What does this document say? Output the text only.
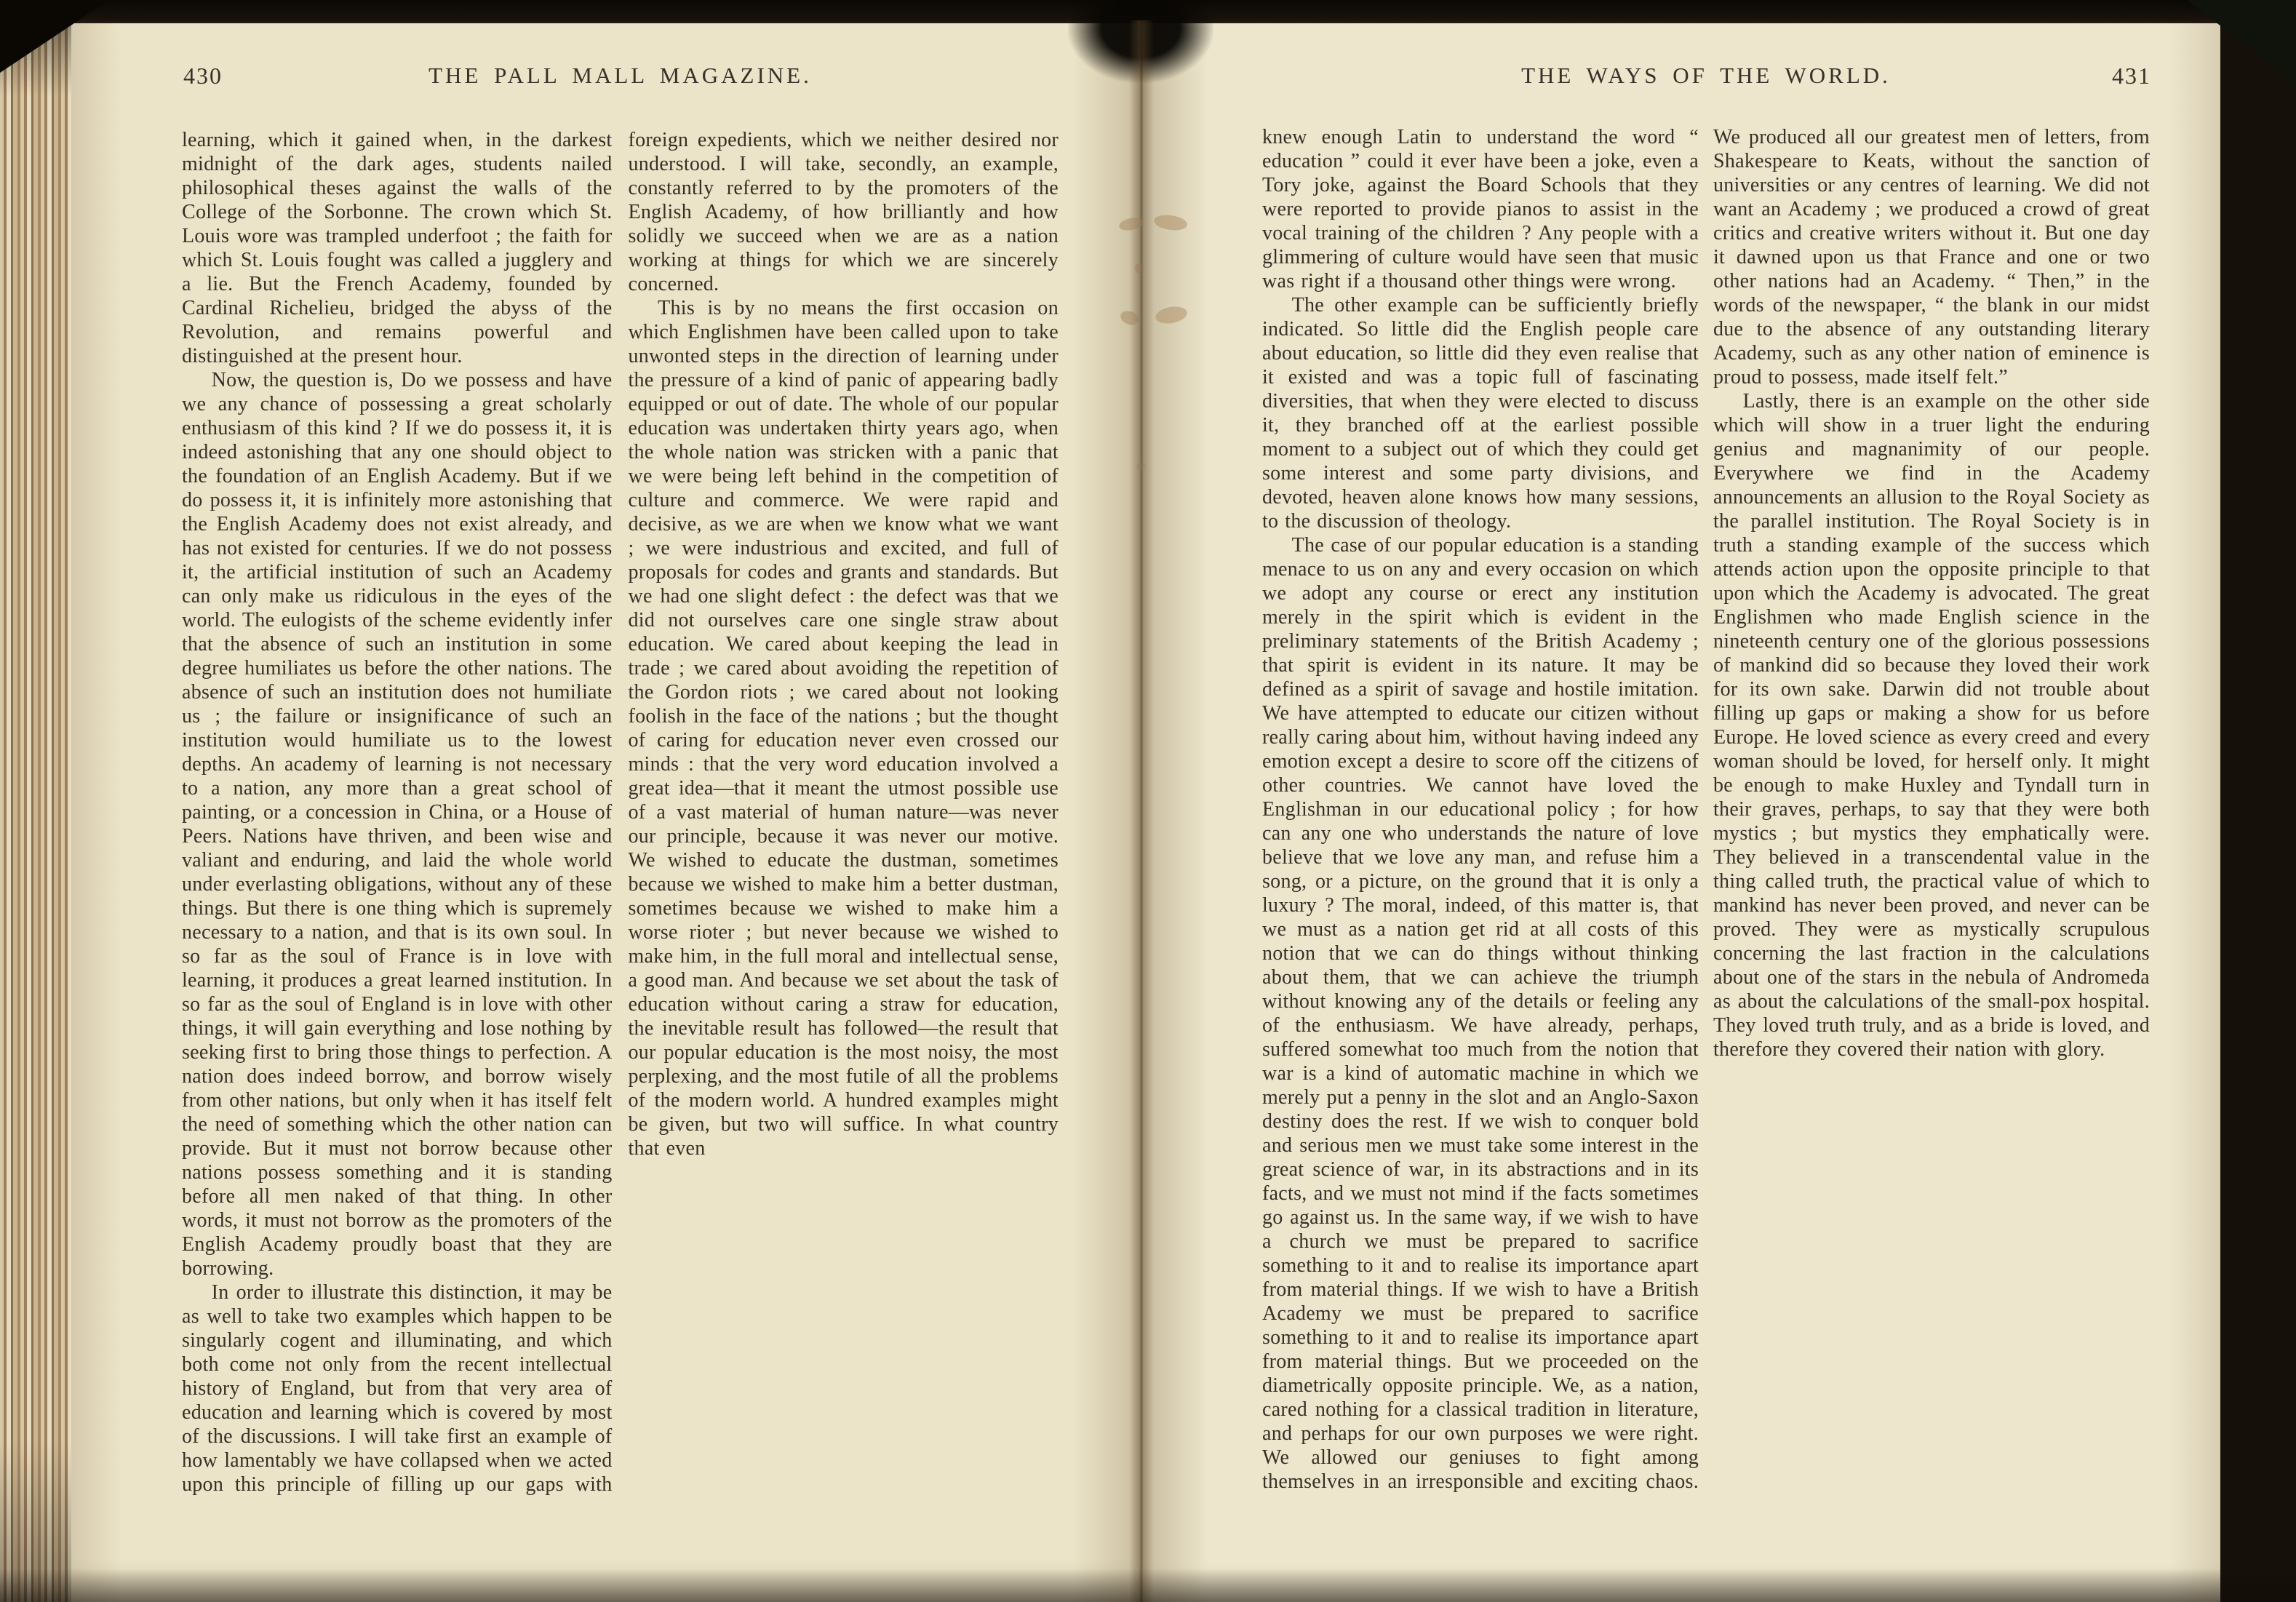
430	THE PALL MALL MAGAZINE.	THE WAYS OF THE WORLD.	431

learning, which it gained when, in the darkest midnight of the dark ages, students nailed philosophical theses against the walls of the College of the Sorbonne. The crown which St. Louis wore was trampled underfoot ; the faith for which St. Louis fought was called a jugglery and a lie. But the French Academy, founded by Cardinal Richelieu, bridged the abyss of the Revolution, and remains powerful and distinguished at the present hour.

Now, the question is, Do we possess and have we any chance of possessing a great scholarly enthusiasm of this kind ? If we do possess it, it is indeed astonishing that any one should object to the foundation of an English Academy. But if we do possess it, it is infinitely more astonishing that the English Academy does not exist already, and has not existed for centuries. If we do not possess it, the artificial institution of such an Academy can only make us ridiculous in the eyes of the world. The eulogists of the scheme evidently infer that the absence of such an institution in some degree humiliates us before the other nations. The absence of such an institution does not humiliate us ; the failure or insignificance of such an institution would humiliate us to the lowest depths. An academy of learning is not necessary to a nation, any more than a great school of painting, or a concession in China, or a House of Peers. Nations have thriven, and been wise and valiant and enduring, and laid the whole world under everlasting obligations, without any of these things. But there is one thing which is supremely necessary to a nation, and that is its own soul. In so far as the soul of France is in love with learning, it produces a great learned institution. In so far as the soul of England is in love with other things, it will gain everything and lose nothing by seeking first to bring those things to perfection. A nation does indeed borrow, and borrow wisely from other nations, but only when it has itself felt the need of something which the other nation can provide. But it must not borrow because other nations possess something and it is standing before all men naked of that thing. In other words, it must not borrow as the promoters of the English Academy proudly boast that they are borrowing.

In order to illustrate this distinction, it may be as well to take two examples which happen to be singularly cogent and illuminating, and which both come not only from the recent intellectual history of England, but from that very area of education and learning which is covered by most of the discussions. I will take first an example of how lamentably we have collapsed when we acted upon this principle of filling up our gaps with foreign expedients, which we neither desired nor understood. I will take, secondly, an example, constantly referred to by the promoters of the English Academy, of how brilliantly and how solidly we succeed when we are as a nation working at things for which we are sincerely concerned.

This is by no means the first occasion on which Englishmen have been called upon to take unwonted steps in the direction of learning under the pressure of a kind of panic of appearing badly equipped or out of date. The whole of our popular education was undertaken thirty years ago, when the whole nation was stricken with a panic that we were being left behind in the competition of culture and commerce. We were rapid and decisive, as we are when we know what we want ; we were industrious and excited, and full of proposals for codes and grants and standards. But we had one slight defect : the defect was that we did not ourselves care one single straw about education. We cared about keeping the lead in trade ; we cared about avoiding the repetition of the Gordon riots ; we cared about not looking foolish in the face of the nations ; but the thought of caring for education never even crossed our minds : that the very word education involved a great idea—that it meant the utmost possible use of a vast material of human nature—was never our principle, because it was never our motive. We wished to educate the dustman, sometimes because we wished to make him a better dustman, sometimes because we wished to make him a worse rioter ; but never because we wished to make him, in the full moral and intellectual sense, a good man. And because we set about the task of education without caring a straw for education, the inevitable result has followed—the result that our popular education is the most noisy, the most perplexing, and the most futile of all the problems of the modern world. A hundred examples might be given, but two will suffice. In what country that even

knew enough Latin to understand the word “ education ” could it ever have been a joke, even a Tory joke, against the Board Schools that they were reported to provide pianos to assist in the vocal training of the children ? Any people with a glimmering of culture would have seen that music was right if a thousand other things were wrong.

The other example can be sufficiently briefly indicated. So little did the English people care about education, so little did they even realise that it existed and was a topic full of fascinating diversities, that when they were elected to discuss it, they branched off at the earliest possible moment to a subject out of which they could get some interest and some party divisions, and devoted, heaven alone knows how many sessions, to the discussion of theology.

The case of our popular education is a standing menace to us on any and every occasion on which we adopt any course or erect any institution merely in the spirit which is evident in the preliminary statements of the British Academy ; that spirit is evident in its nature. It may be defined as a spirit of savage and hostile imitation. We have attempted to educate our citizen without really caring about him, without having indeed any emotion except a desire to score off the citizens of other countries. We cannot have loved the Englishman in our educational policy ; for how can any one who understands the nature of love believe that we love any man, and refuse him a song, or a picture, on the ground that it is only a luxury ? The moral, indeed, of this matter is, that we must as a nation get rid at all costs of this notion that we can do things without thinking about them, that we can achieve the triumph without knowing any of the details or feeling any of the enthusiasm. We have already, perhaps, suffered somewhat too much from the notion that war is a kind of automatic machine in which we merely put a penny in the slot and an Anglo-Saxon destiny does the rest. If we wish to conquer bold and serious men we must take some interest in the great science of war, in its abstractions and in its facts, and we must not mind if the facts sometimes go against us. In the same way, if we wish to have a church we must be prepared to sacrifice something to it and to realise its importance apart from material things. If we wish to have a British Academy we must be prepared to sacrifice something to it and to realise its importance apart from material things. But we proceeded on the diametrically opposite principle. We, as a nation, cared nothing for a classical tradition in literature, and perhaps for our own purposes we were right. We allowed our geniuses to fight among themselves in an irresponsible and exciting chaos. We produced all our greatest men of letters, from Shakespeare to Keats, without the sanction of universities or any centres of learning. We did not want an Academy ; we produced a crowd of great critics and creative writers without it. But one day it dawned upon us that France and one or two other nations had an Academy. “ Then,” in the words of the newspaper, “ the blank in our midst due to the absence of any outstanding literary Academy, such as any other nation of eminence is proud to possess, made itself felt.”

Lastly, there is an example on the other side which will show in a truer light the enduring genius and magnanimity of our people. Everywhere we find in the Academy announcements an allusion to the Royal Society as the parallel institution. The Royal Society is in truth a standing example of the success which attends action upon the opposite principle to that upon which the Academy is advocated. The great Englishmen who made English science in the nineteenth century one of the glorious possessions of mankind did so because they loved their work for its own sake. Darwin did not trouble about filling up gaps or making a show for us before Europe. He loved science as every creed and every woman should be loved, for herself only. It might be enough to make Huxley and Tyndall turn in their graves, perhaps, to say that they were both mystics ; but mystics they emphatically were. They believed in a transcendental value in the thing called truth, the practical value of which to mankind has never been proved, and never can be proved. They were as mystically scrupulous concerning the last fraction in the calculations about one of the stars in the nebula of Andromeda as about the calculations of the small-pox hospital. They loved truth truly, and as a bride is loved, and therefore they covered their nation with glory.
